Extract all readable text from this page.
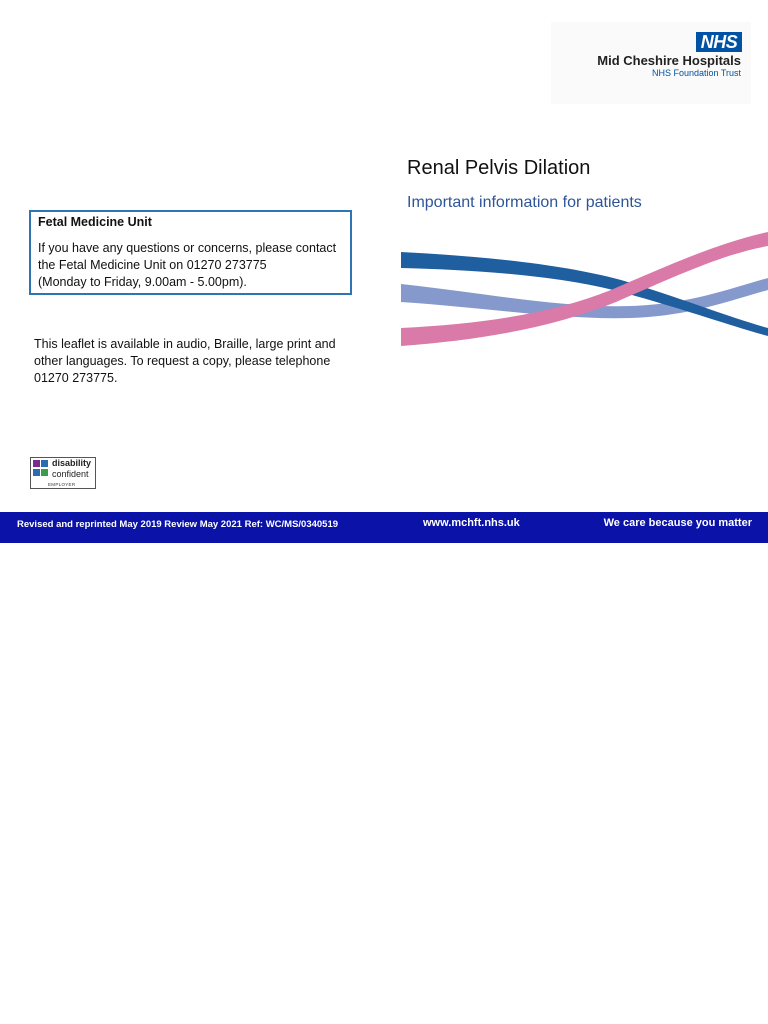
NHS
Mid Cheshire Hospitals
NHS Foundation Trust
Renal Pelvis Dilation
Important information for patients
Fetal Medicine Unit
If you have any questions or concerns, please contact
the Fetal Medicine Unit on 01270 273775
(Monday to Friday, 9.00am - 5.00pm).
This leaflet is available in audio, Braille, large print and
other languages. To request a copy, please telephone
01270 273775.
disability
confident
EMPLOYER
Revised and reprinted May 2019 Review May 2021 Ref: WC/MS/0340519	www.mchft.nhs.uk	We care because you matter
